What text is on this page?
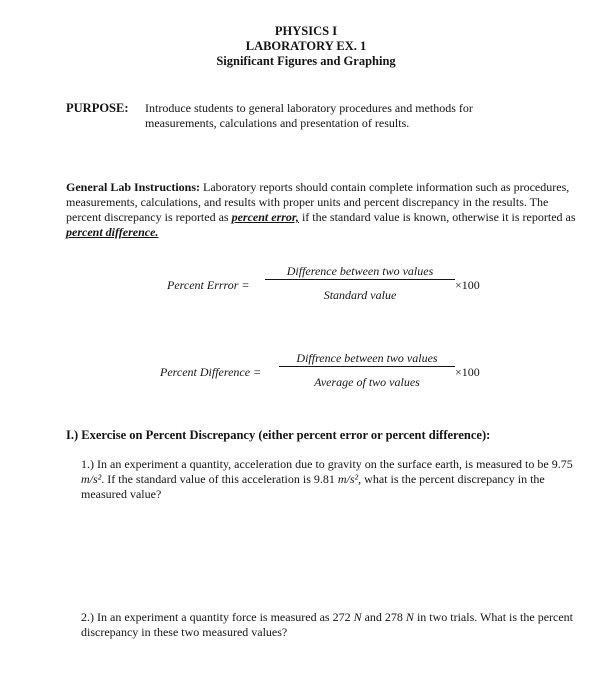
PHYSICS I
LABORATORY EX. 1
Significant Figures and Graphing
PURPOSE: Introduce students to general laboratory procedures and methods for measurements, calculations and presentation of results.
General Lab Instructions: Laboratory reports should contain complete information such as procedures, measurements, calculations, and results with proper units and percent discrepancy in the results. The percent discrepancy is reported as percent error, if the standard value is known, otherwise it is reported as percent difference.
Percent Errror =
Difference between two values
Standard value
×100
Percent Difference =
Diffrence between two values
Average of two values
×100
I.) Exercise on Percent Discrepancy (either percent error or percent difference):
1.) In an experiment a quantity, acceleration due to gravity on the surface earth, is measured to be 9.75 m/s². If the standard value of this acceleration is 9.81 m/s², what is the percent discrepancy in the measured value?
2.) In an experiment a quantity force is measured as 272 N and 278 N in two trials. What is the percent discrepancy in these two measured values?
